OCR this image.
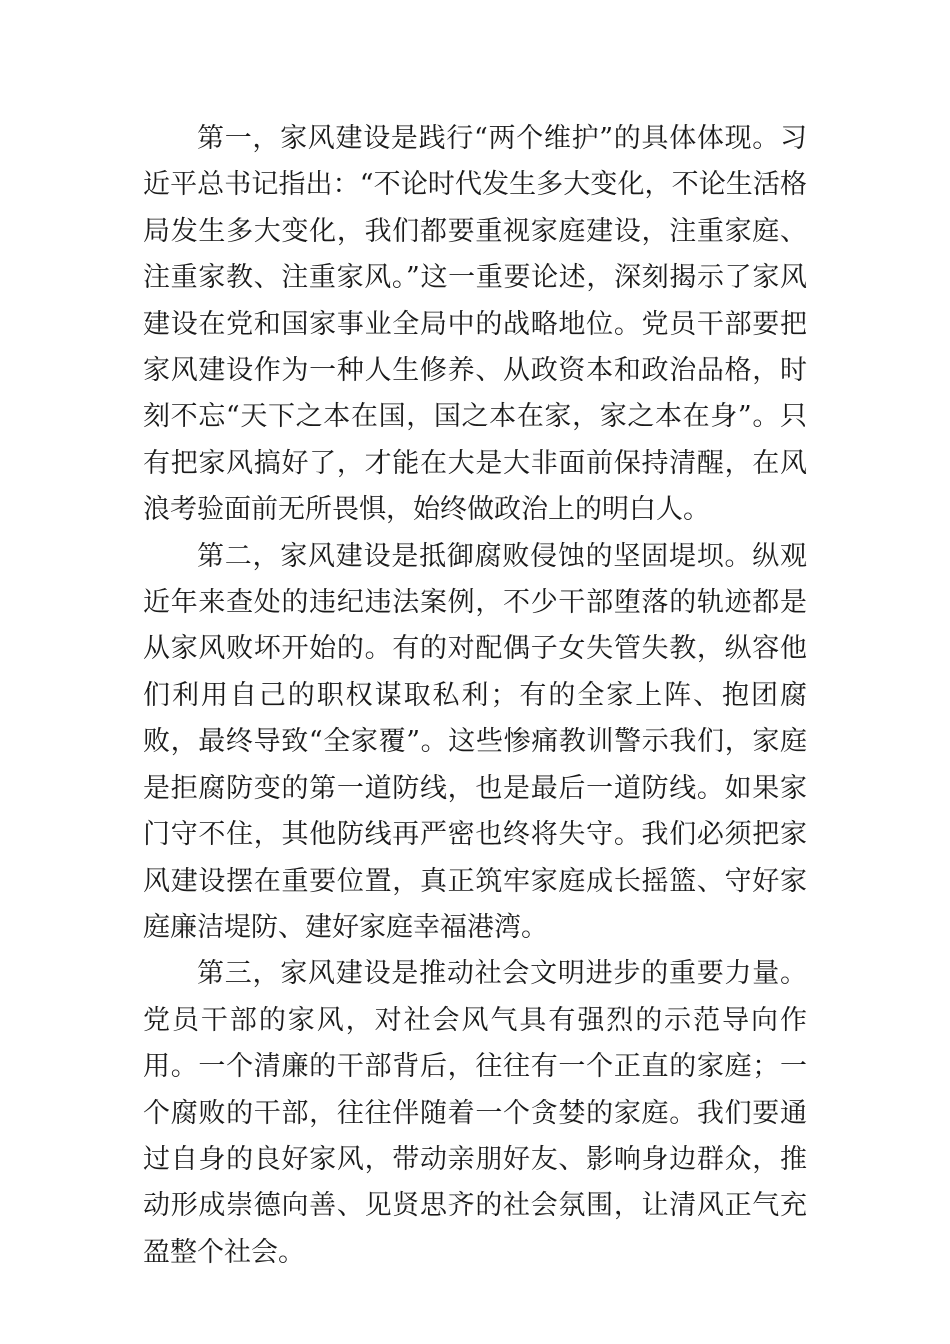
第一，家风建设是践行“两个维护”的具体体现。习近平总书记指出：“不论时代发生多大变化，不论生活格局发生多大变化，我们都要重视家庭建设，注重家庭、注重家教、注重家风。”这一重要论述，深刻揭示了家风建设在党和国家事业全局中的战略地位。党员干部要把家风建设作为一种人生修养、从政资本和政治品格，时刻不忘“天下之本在国，国之本在家，家之本在身”。只有把家风搞好了，才能在大是大非面前保持清醒，在风浪考验面前无所畏惧，始终做政治上的明白人。

第二，家风建设是抵御腐败侵蚀的坚固堤坝。纵观近年来查处的违纪违法案例，不少干部堕落的轨迹都是从家风败坏开始的。有的对配偶子女失管失教，纵容他们利用自己的职权谋取私利；有的全家上阵、抱团腐败，最终导致“全家覆”。这些惨痛教训警示我们，家庭是拒腐防变的第一道防线，也是最后一道防线。如果家门守不住，其他防线再严密也终将失守。我们必须把家风建设摆在重要位置，真正筑牢家庭成长摇篮、守好家庭廉洁堤防、建好家庭幸福港湾。

第三，家风建设是推动社会文明进步的重要力量。党员干部的家风，对社会风气具有强烈的示范导向作用。一个清廉的干部背后，往往有一个正直的家庭；一个腐败的干部，往往伴随着一个贪婪的家庭。我们要通过自身的良好家风，带动亲朋好友、影响身边群众，推动形成崇德向善、见贤思齐的社会氛围，让清风正气充盈整个社会。
